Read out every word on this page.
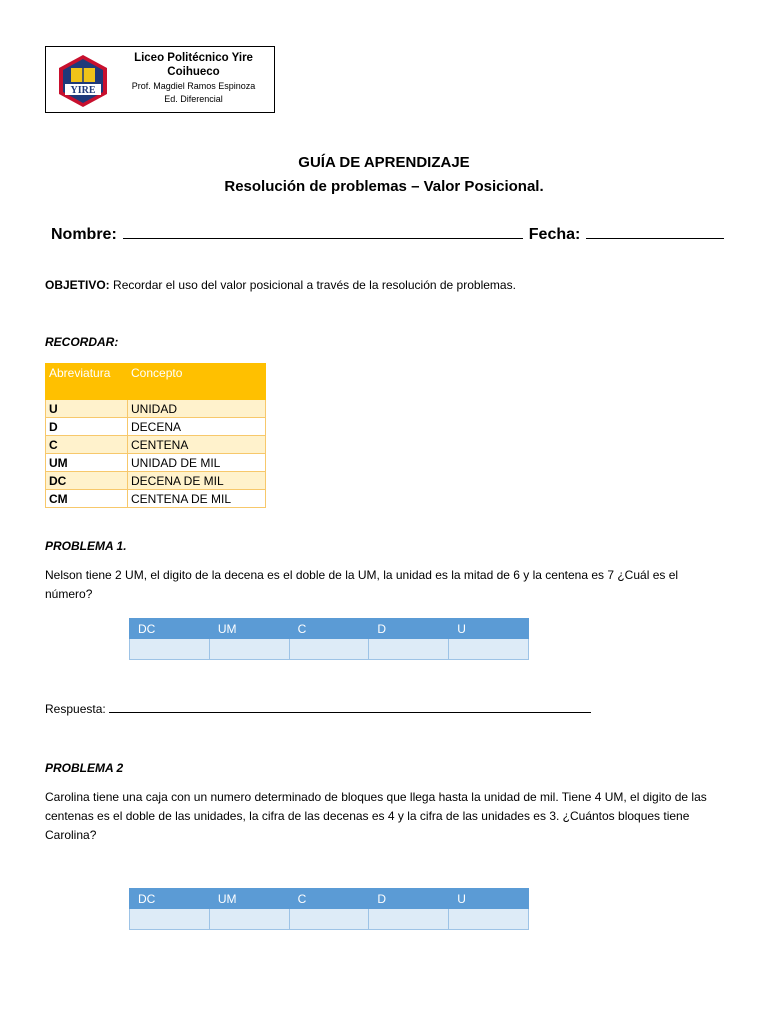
YIRE
Liceo Politécnico Yire Coihueco
Prof. Magdiel Ramos Espinoza
Ed. Diferencial
GUÍA DE APRENDIZAJE
Resolución de problemas – Valor Posicional.
Nombre:	Fecha:
OBJETIVO: Recordar el uso del valor posicional a través de la resolución de problemas.
RECORDAR:
Abreviatura	Concepto
U	UNIDAD
D	DECENA
C	CENTENA
UM	UNIDAD DE MIL
DC	DECENA DE MIL
CM	CENTENA DE MIL
PROBLEMA 1.
Nelson tiene 2 UM, el digito de la decena es el doble de la UM, la unidad es la mitad de 6 y la centena es 7 ¿Cuál es el número?
DC	UM	C	D	U

Respuesta:
PROBLEMA 2
Carolina tiene una caja con un numero determinado de bloques que llega hasta la unidad de mil. Tiene 4 UM, el digito de las centenas es el doble de las unidades, la cifra de las decenas es 4 y la cifra de las unidades es 3. ¿Cuántos bloques tiene Carolina?
DC	UM	C	D	U
